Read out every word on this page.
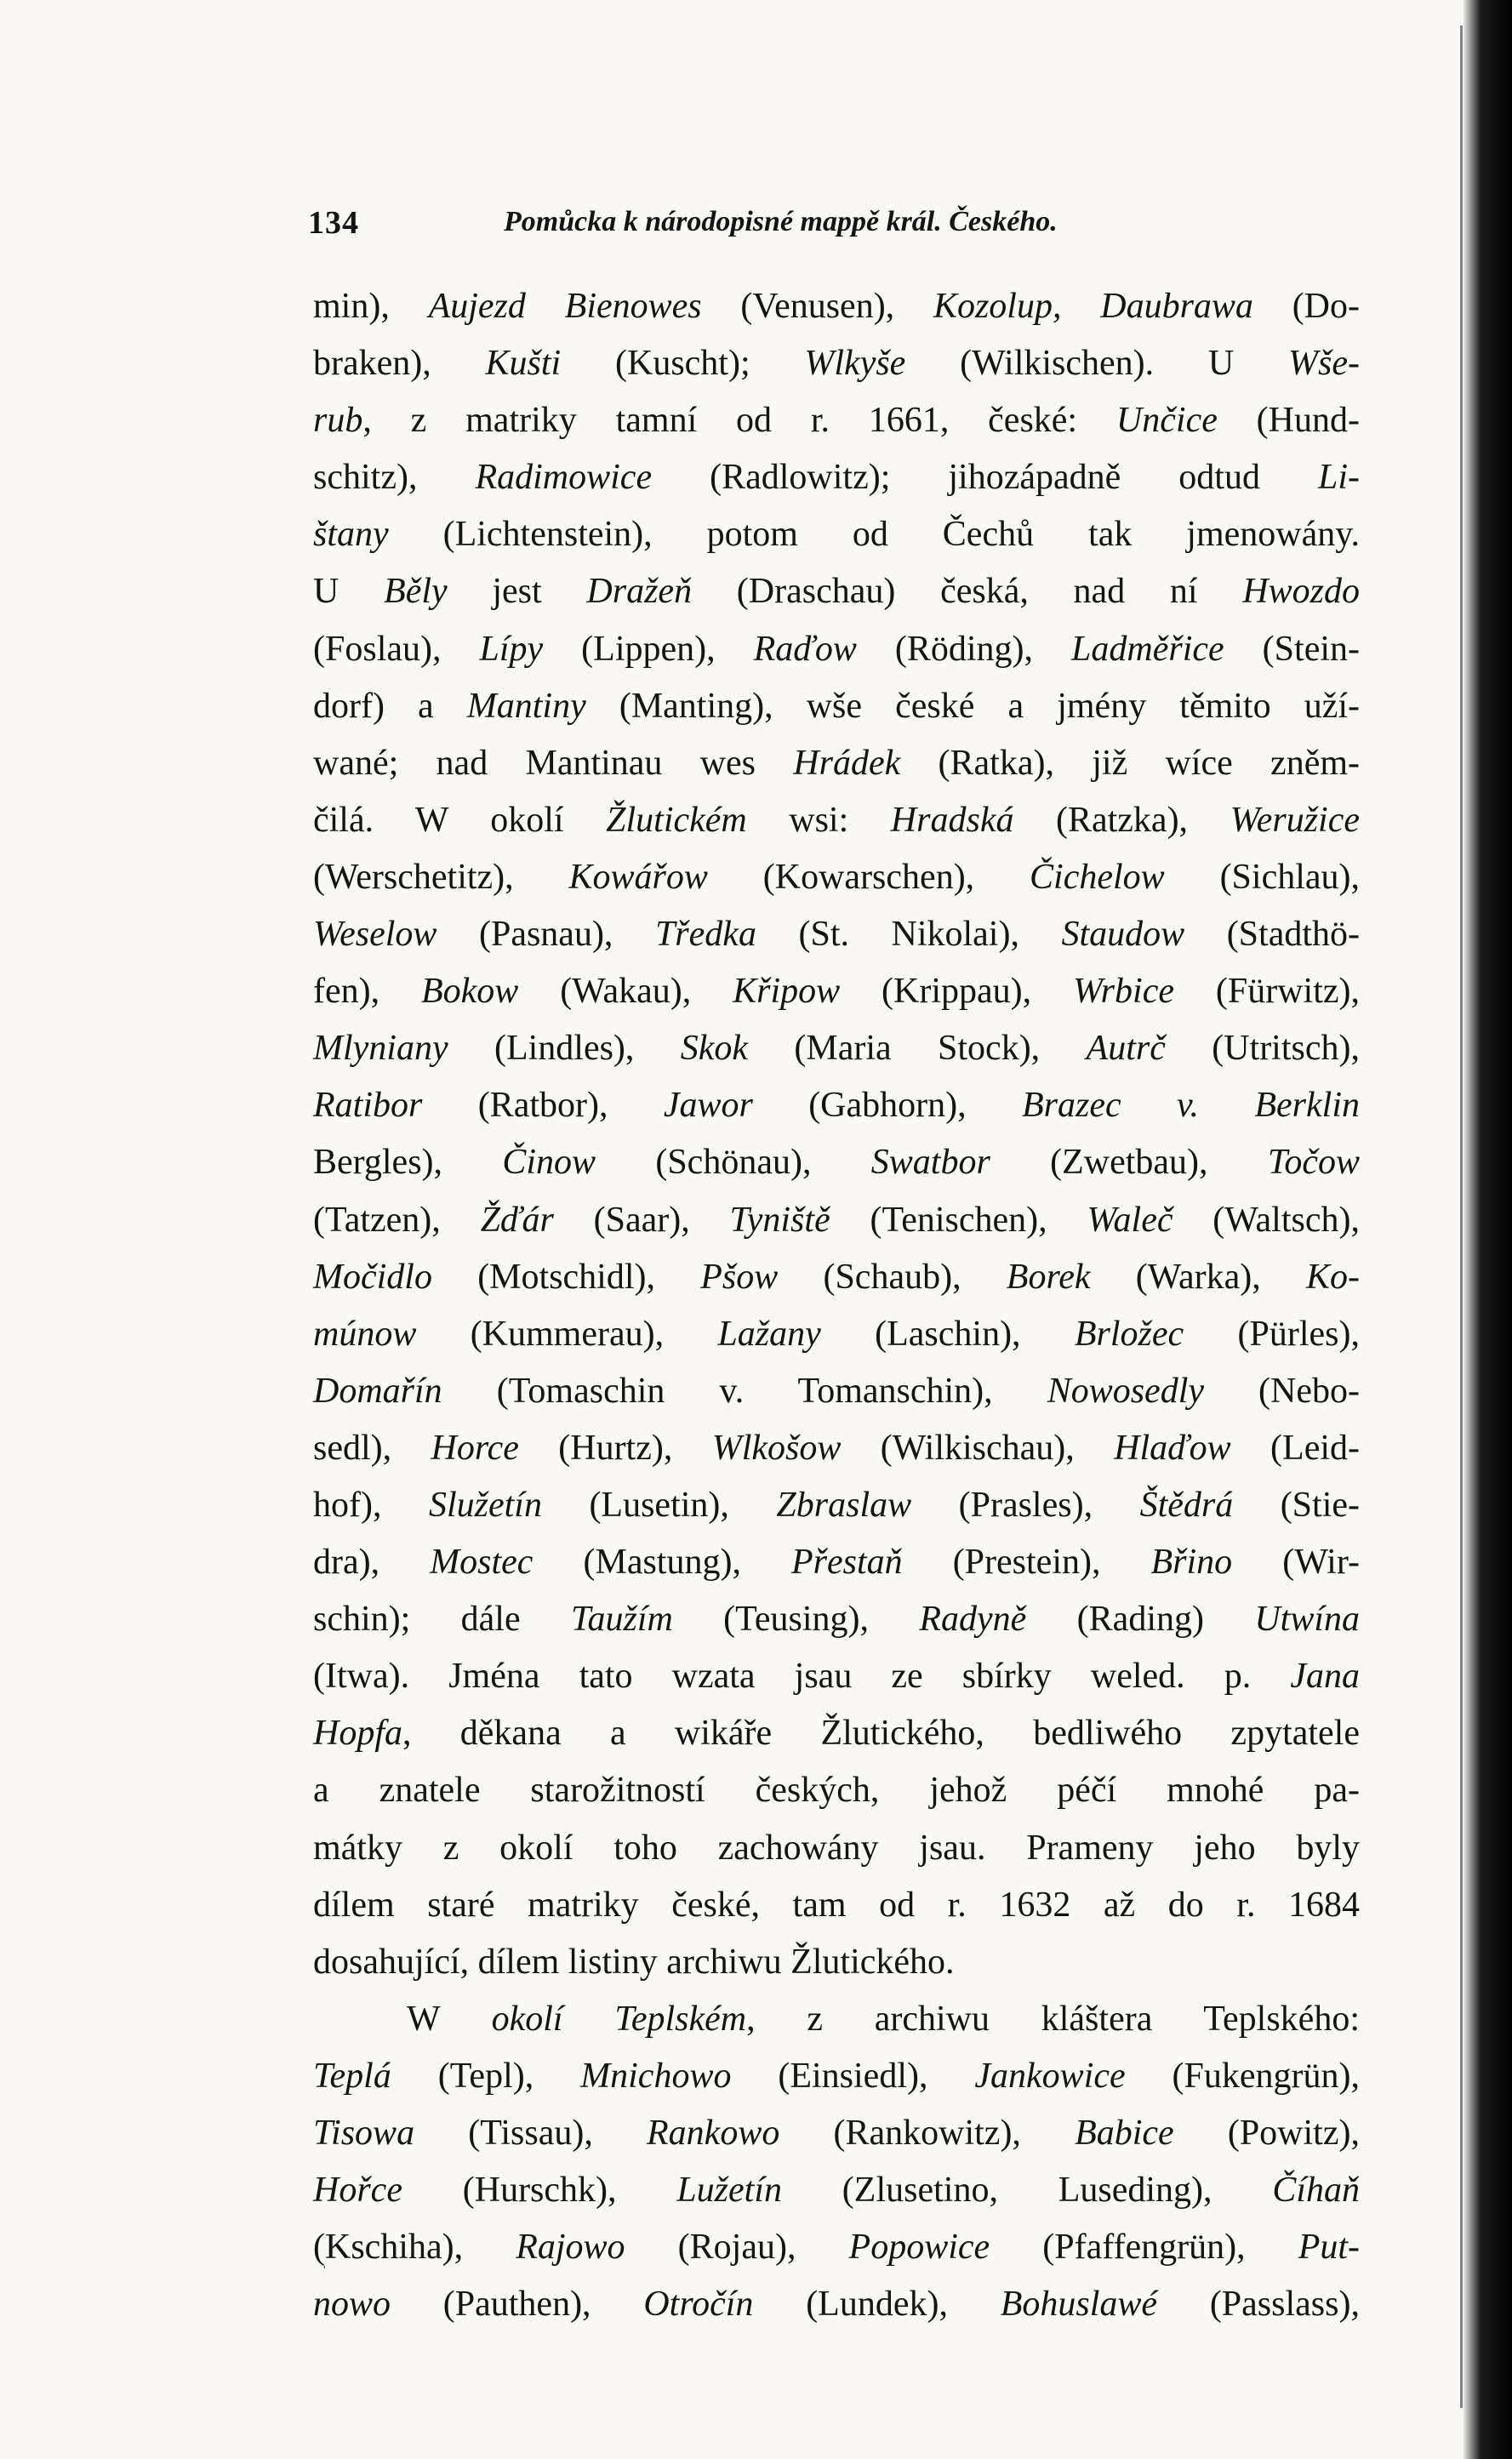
134	Pomůcka k národopisné mappě král. Českého.
min), Aujezd Bienowes (Venusen), Kozolup, Daubrawa (Do-
braken), Kušti (Kuscht); Wlkyše (Wilkischen). U Wše-
rub, z matriky tamní od r. 1661, české: Unčice (Hund-
schitz), Radimowice (Radlowitz); jihozápadně odtud Li-
štany (Lichtenstein), potom od Čechů tak jmenowány.
U Běly jest Dražeň (Draschau) česká, nad ní Hwozdo
(Foslau), Lípy (Lippen), Raďow (Röding), Ladměřice (Stein-
dorf) a Mantiny (Manting), wše české a jmény těmito uží-
wané; nad Mantinau wes Hrádek (Ratka), již wíce zněm-
čilá. W okolí Žlutickém wsi: Hradská (Ratzka), Weružice
(Werschetitz), Kowářow (Kowarschen), Čichelow (Sichlau),
Weselow (Pasnau), Tředka (St. Nikolai), Staudow (Stadthö-
fen), Bokow (Wakau), Křipow (Krippau), Wrbice (Fürwitz),
Mlyniany (Lindles), Skok (Maria Stock), Autrč (Utritsch),
Ratibor (Ratbor), Jawor (Gabhorn), Brazec v. Berklin
Bergles), Činow (Schönau), Swatbor (Zwetbau), Točow
(Tatzen), Žďár (Saar), Tyniště (Tenischen), Waleč (Waltsch),
Močidlo (Motschidl), Pšow (Schaub), Borek (Warka), Ko-
múnow (Kummerau), Lažany (Laschin), Brložec (Pürles),
Domařín (Tomaschin v. Tomanschin), Nowosedly (Nebo-
sedl), Horce (Hurtz), Wlkošow (Wilkischau), Hlaďow (Leid-
hof), Služetín (Lusetin), Zbraslaw (Prasles), Štědrá (Stie-
dra), Mostec (Mastung), Přestaň (Prestein), Břino (Wir-
schin); dále Taužím (Teusing), Radyně (Rading) Utwína
(Itwa). Jména tato wzata jsau ze sbírky weled. p. Jana
Hopfa, děkana a wikáře Žlutického, bedliwého zpytatele
a znatele starožitností českých, jehož péčí mnohé pa-
mátky z okolí toho zachowány jsau. Prameny jeho byly
dílem staré matriky české, tam od r. 1632 až do r. 1684
dosahující, dílem listiny archiwu Žlutického.
W okolí Teplském, z archiwu kláštera Teplského:
Teplá (Tepl), Mnichowo (Einsiedl), Jankowice (Fukengrün),
Tisowa (Tissau), Rankowo (Rankowitz), Babice (Powitz),
Hořce (Hurschk), Lužetín (Zlusetino, Luseding), Číhaň
(Kschiha), Rajowo (Rojau), Popowice (Pfaffengrün), Put-
nowo (Pauthen), Otročín (Lundek), Bohuslawé (Passlass),
ˈ
